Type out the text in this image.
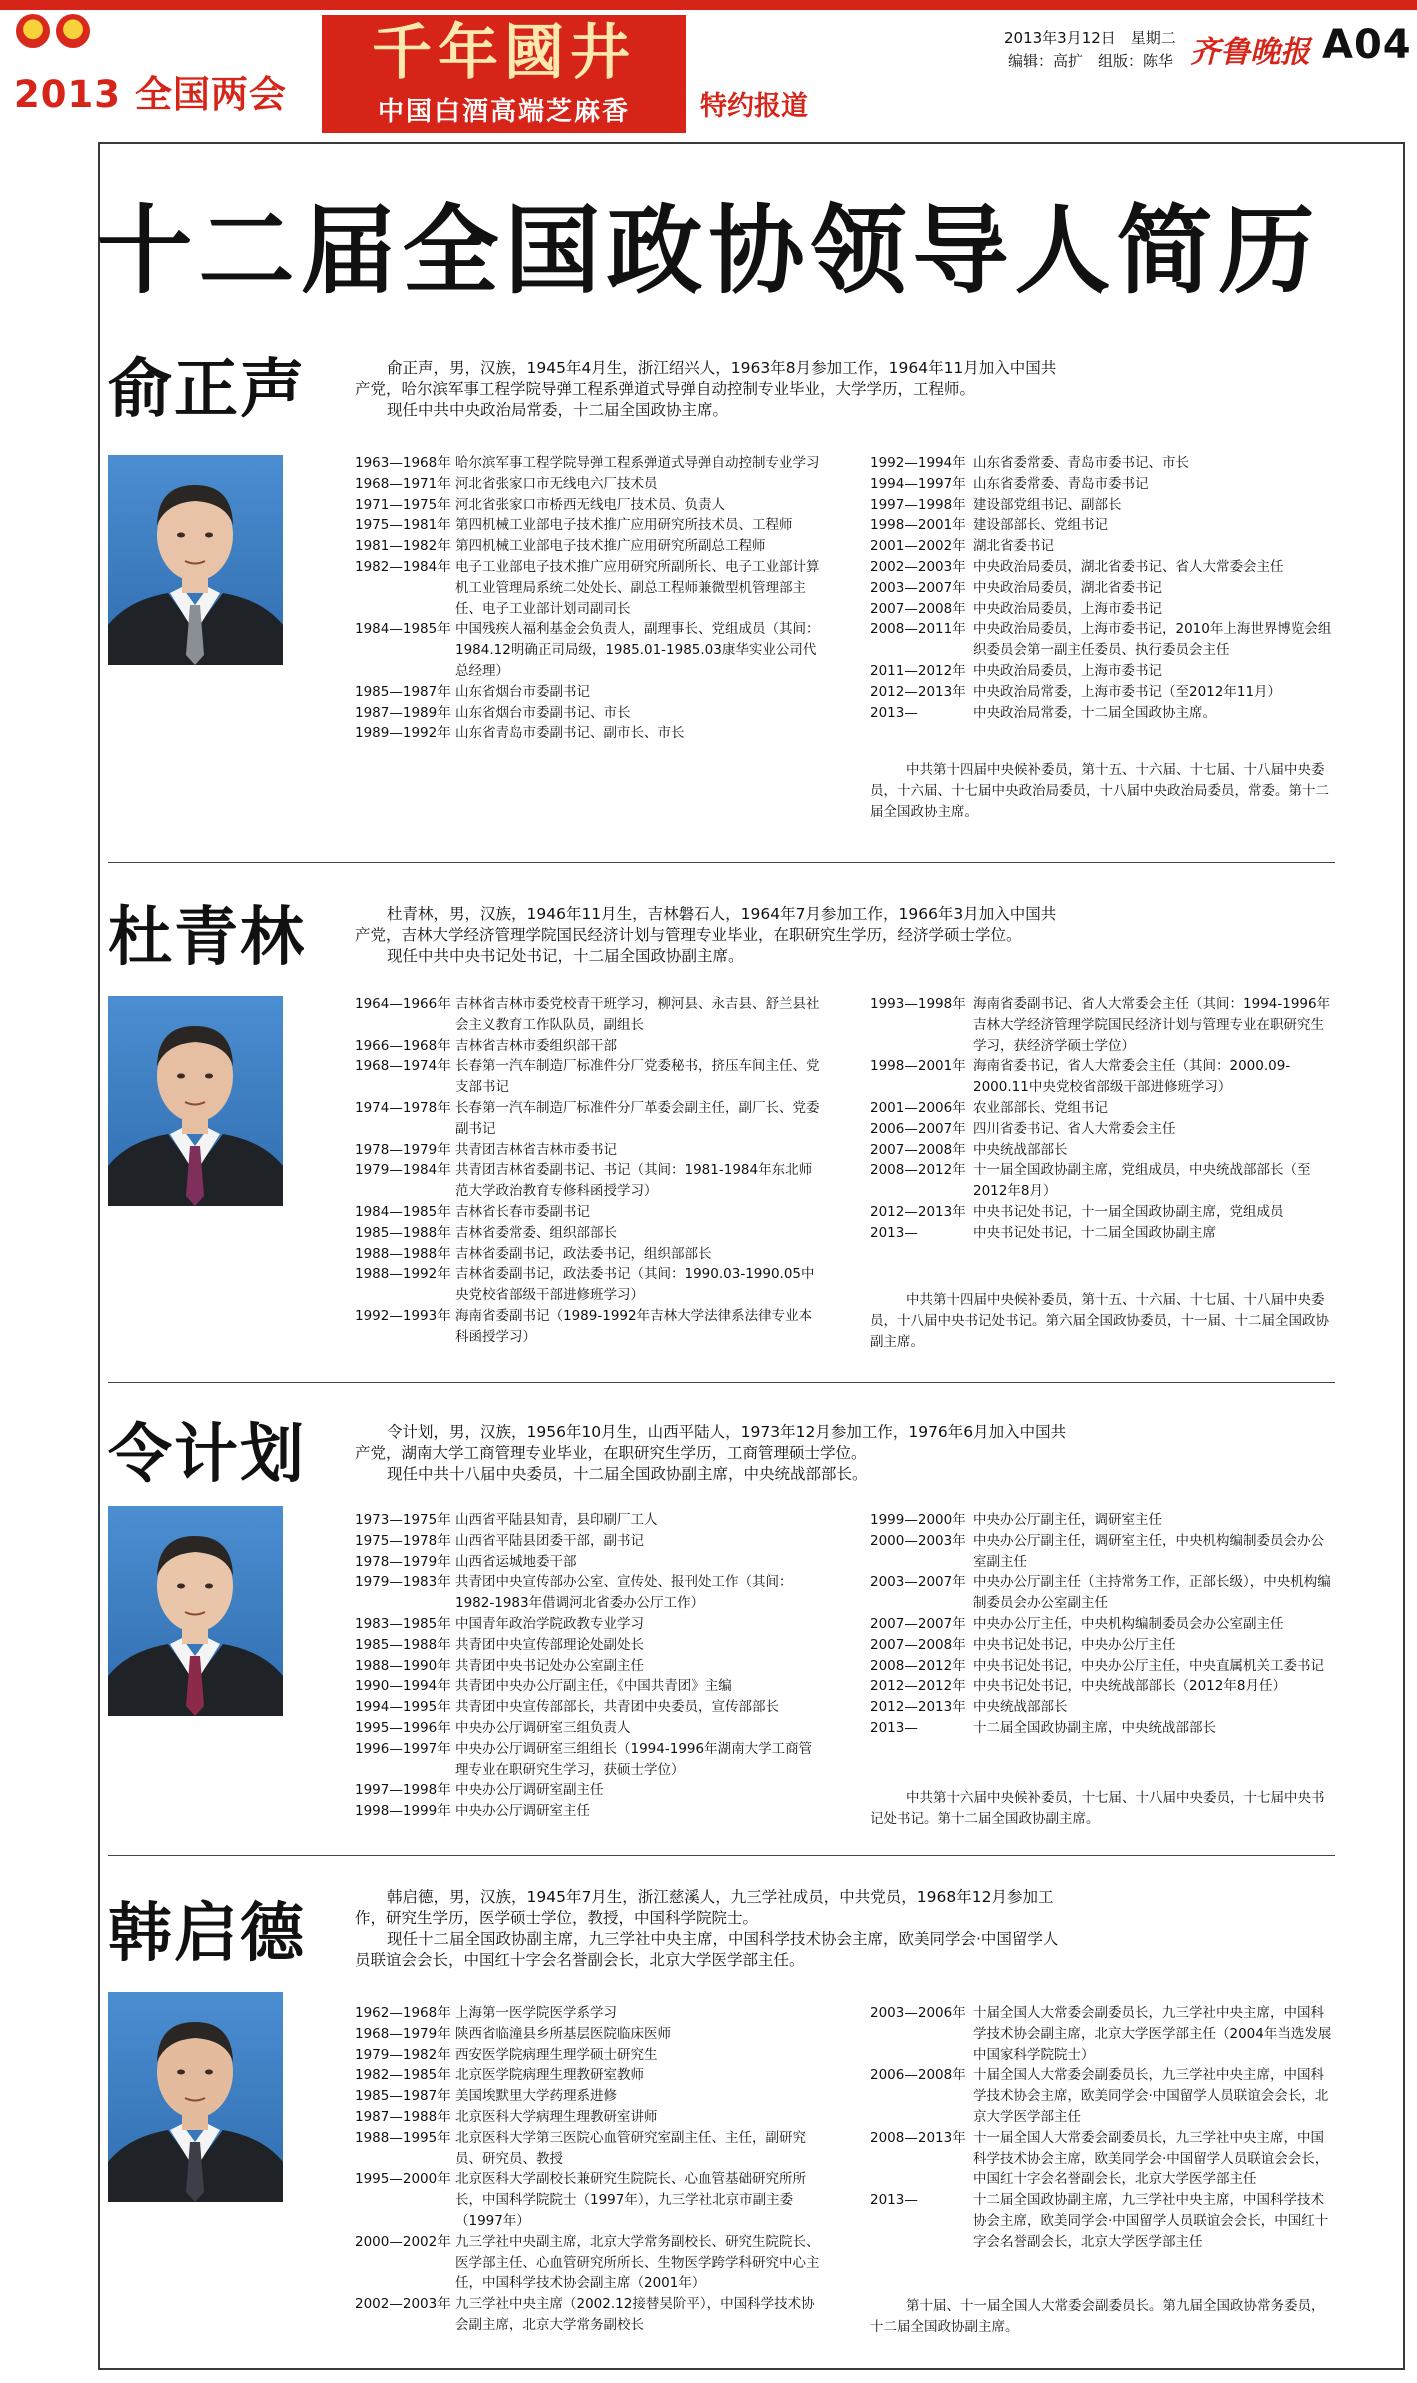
2013 全国两会
千年國井
中国白酒高端芝麻香	特约报道
2013年3月12日　星期二
编辑：高扩　组版：陈华 齐鲁晚报 A04
十二届全国政协领导人简历
俞正声	俞正声，男，汉族，1945年4月生，浙江绍兴人，1963年8月参加工作，1964年11月加入中国共产党，哈尔滨军事工程学院导弹工程系弹道式导弹自动控制专业毕业，大学学历，工程师。

现任中共中央政治局常委，十二届全国政协主席。

1963—1968年 哈尔滨军事工程学院导弹工程系弹道式导弹自动控制专业学习
1968—1971年 河北省张家口市无线电六厂技术员
1971—1975年 河北省张家口市桥西无线电厂技术员、负责人
1975—1981年 第四机械工业部电子技术推广应用研究所技术员、工程师
1981—1982年 第四机械工业部电子技术推广应用研究所副总工程师
1982—1984年 电子工业部电子技术推广应用研究所副所长、电子工业部计算机工业管理局系统二处处长、副总工程师兼微型机管理部主任、电子工业部计划司副司长
1984—1985年 中国残疾人福利基金会负责人，副理事长、党组成员（其间：1984.12明确正司局级，1985.01-1985.03康华实业公司代总经理）
1985—1987年 山东省烟台市委副书记
1987—1989年 山东省烟台市委副书记、市长
1989—1992年 山东省青岛市委副书记、副市长、市长
1992—1994年 山东省委常委、青岛市委书记、市长
1994—1997年 山东省委常委、青岛市委书记
1997—1998年 建设部党组书记、副部长
1998—2001年 建设部部长、党组书记
2001—2002年 湖北省委书记
2002—2003年 中央政治局委员，湖北省委书记、省人大常委会主任
2003—2007年 中央政治局委员，湖北省委书记
2007—2008年 中央政治局委员，上海市委书记
2008—2011年 中央政治局委员，上海市委书记，2010年上海世界博览会组织委员会第一副主任委员、执行委员会主任
2011—2012年 中央政治局委员，上海市委书记
2012—2013年 中央政治局常委，上海市委书记（至2012年11月）
2013—	中央政治局常委，十二届全国政协主席。

中共第十四届中央候补委员，第十五、十六届、十七届、十八届中央委员，十六届、十七届中央政治局委员，十八届中央政治局委员，常委。第十二届全国政协主席。

杜青林	杜青林，男，汉族，1946年11月生，吉林磐石人，1964年7月参加工作，1966年3月加入中国共产党，吉林大学经济管理学院国民经济计划与管理专业毕业，在职研究生学历，经济学硕士学位。

现任中共中央书记处书记，十二届全国政协副主席。

1964—1966年 吉林省吉林市委党校青干班学习，柳河县、永吉县、舒兰县社会主义教育工作队队员，副组长
1966—1968年 吉林省吉林市委组织部干部
1968—1974年 长春第一汽车制造厂标准件分厂党委秘书，挤压车间主任、党支部书记
1974—1978年 长春第一汽车制造厂标准件分厂革委会副主任，副厂长、党委副书记
1978—1979年 共青团吉林省吉林市委书记
1979—1984年 共青团吉林省委副书记、书记（其间：1981-1984年东北师范大学政治教育专修科函授学习）
1984—1985年 吉林省长春市委副书记
1985—1988年 吉林省委常委、组织部部长
1988—1988年 吉林省委副书记，政法委书记，组织部部长
1988—1992年 吉林省委副书记，政法委书记（其间：1990.03-1990.05中央党校省部级干部进修班学习）
1992—1993年 海南省委副书记（1989-1992年吉林大学法律系法律专业本科函授学习）
1993—1998年 海南省委副书记、省人大常委会主任（其间：1994-1996年吉林大学经济管理学院国民经济计划与管理专业在职研究生学习，获经济学硕士学位）
1998—2001年 海南省委书记，省人大常委会主任（其间：2000.09-2000.11中央党校省部级干部进修班学习）
2001—2006年 农业部部长、党组书记
2006—2007年 四川省委书记、省人大常委会主任
2007—2008年 中央统战部部长
2008—2012年 十一届全国政协副主席，党组成员，中央统战部部长（至2012年8月）
2012—2013年 中央书记处书记，十一届全国政协副主席，党组成员
2013—	中央书记处书记，十二届全国政协副主席

中共第十四届中央候补委员，第十五、十六届、十七届、十八届中央委员，十八届中央书记处书记。第六届全国政协委员，十一届、十二届全国政协副主席。

令计划	令计划，男，汉族，1956年10月生，山西平陆人，1973年12月参加工作，1976年6月加入中国共产党，湖南大学工商管理专业毕业，在职研究生学历，工商管理硕士学位。

现任中共十八届中央委员，十二届全国政协副主席，中央统战部部长。

1973—1975年 山西省平陆县知青，县印刷厂工人
1975—1978年 山西省平陆县团委干部，副书记
1978—1979年 山西省运城地委干部
1979—1983年 共青团中央宣传部办公室、宣传处、报刊处工作（其间：1982-1983年借调河北省委办公厅工作）
1983—1985年 中国青年政治学院政教专业学习
1985—1988年 共青团中央宣传部理论处副处长
1988—1990年 共青团中央书记处办公室副主任
1990—1994年 共青团中央办公厅副主任，《中国共青团》主编
1994—1995年 共青团中央宣传部部长，共青团中央委员，宣传部部长
1995—1996年 中央办公厅调研室三组负责人
1996—1997年 中央办公厅调研室三组组长（1994-1996年湖南大学工商管理专业在职研究生学习，获硕士学位）
1997—1998年 中央办公厅调研室副主任
1998—1999年 中央办公厅调研室主任
1999—2000年 中央办公厅副主任，调研室主任
2000—2003年 中央办公厅副主任，调研室主任，中央机构编制委员会办公室副主任
2003—2007年 中央办公厅副主任（主持常务工作，正部长级），中央机构编制委员会办公室副主任
2007—2007年 中央办公厅主任，中央机构编制委员会办公室副主任
2007—2008年 中央书记处书记，中央办公厅主任
2008—2012年 中央书记处书记，中央办公厅主任，中央直属机关工委书记
2012—2012年 中央书记处书记，中央统战部部长（2012年8月任）
2012—2013年 中央统战部部长
2013—	十二届全国政协副主席，中央统战部部长

中共第十六届中央候补委员，十七届、十八届中央委员，十七届中央书记处书记。第十二届全国政协副主席。

韩启德	韩启德，男，汉族，1945年7月生，浙江慈溪人，九三学社成员，中共党员，1968年12月参加工作，研究生学历，医学硕士学位，教授，中国科学院院士。

现任十二届全国政协副主席，九三学社中央主席，中国科学技术协会主席，欧美同学会·中国留学人员联谊会会长，中国红十字会名誉副会长，北京大学医学部主任。

1962—1968年 上海第一医学院医学系学习
1968—1979年 陕西省临潼县乡所基层医院临床医师
1979—1982年 西安医学院病理生理学硕士研究生
1982—1985年 北京医学院病理生理教研室教师
1985—1987年 美国埃默里大学药理系进修
1987—1988年 北京医科大学病理生理教研室讲师
1988—1995年 北京医科大学第三医院心血管研究室副主任、主任，副研究员、研究员、教授
1995—2000年 北京医科大学副校长兼研究生院院长、心血管基础研究所所长，中国科学院院士（1997年），九三学社北京市副主委（1997年）
2000—2002年 九三学社中央副主席，北京大学常务副校长、研究生院院长、医学部主任、心血管研究所所长、生物医学跨学科研究中心主任，中国科学技术协会副主席（2001年）
2002—2003年 九三学社中央主席（2002.12接替吴阶平），中国科学技术协会副主席，北京大学常务副校长
2003—2006年 十届全国人大常委会副委员长，九三学社中央主席，中国科学技术协会副主席，北京大学医学部主任（2004年当选发展中国家科学院院士）
2006—2008年 十届全国人大常委会副委员长，九三学社中央主席，中国科学技术协会主席，欧美同学会·中国留学人员联谊会会长，北京大学医学部主任
2008—2013年 十一届全国人大常委会副委员长，九三学社中央主席，中国科学技术协会主席，欧美同学会·中国留学人员联谊会会长，中国红十字会名誉副会长，北京大学医学部主任
2013—	十二届全国政协副主席，九三学社中央主席，中国科学技术协会主席，欧美同学会·中国留学人员联谊会会长，中国红十字会名誉副会长，北京大学医学部主任

第十届、十一届全国人大常委会副委员长。第九届全国政协常务委员，十二届全国政协副主席。
